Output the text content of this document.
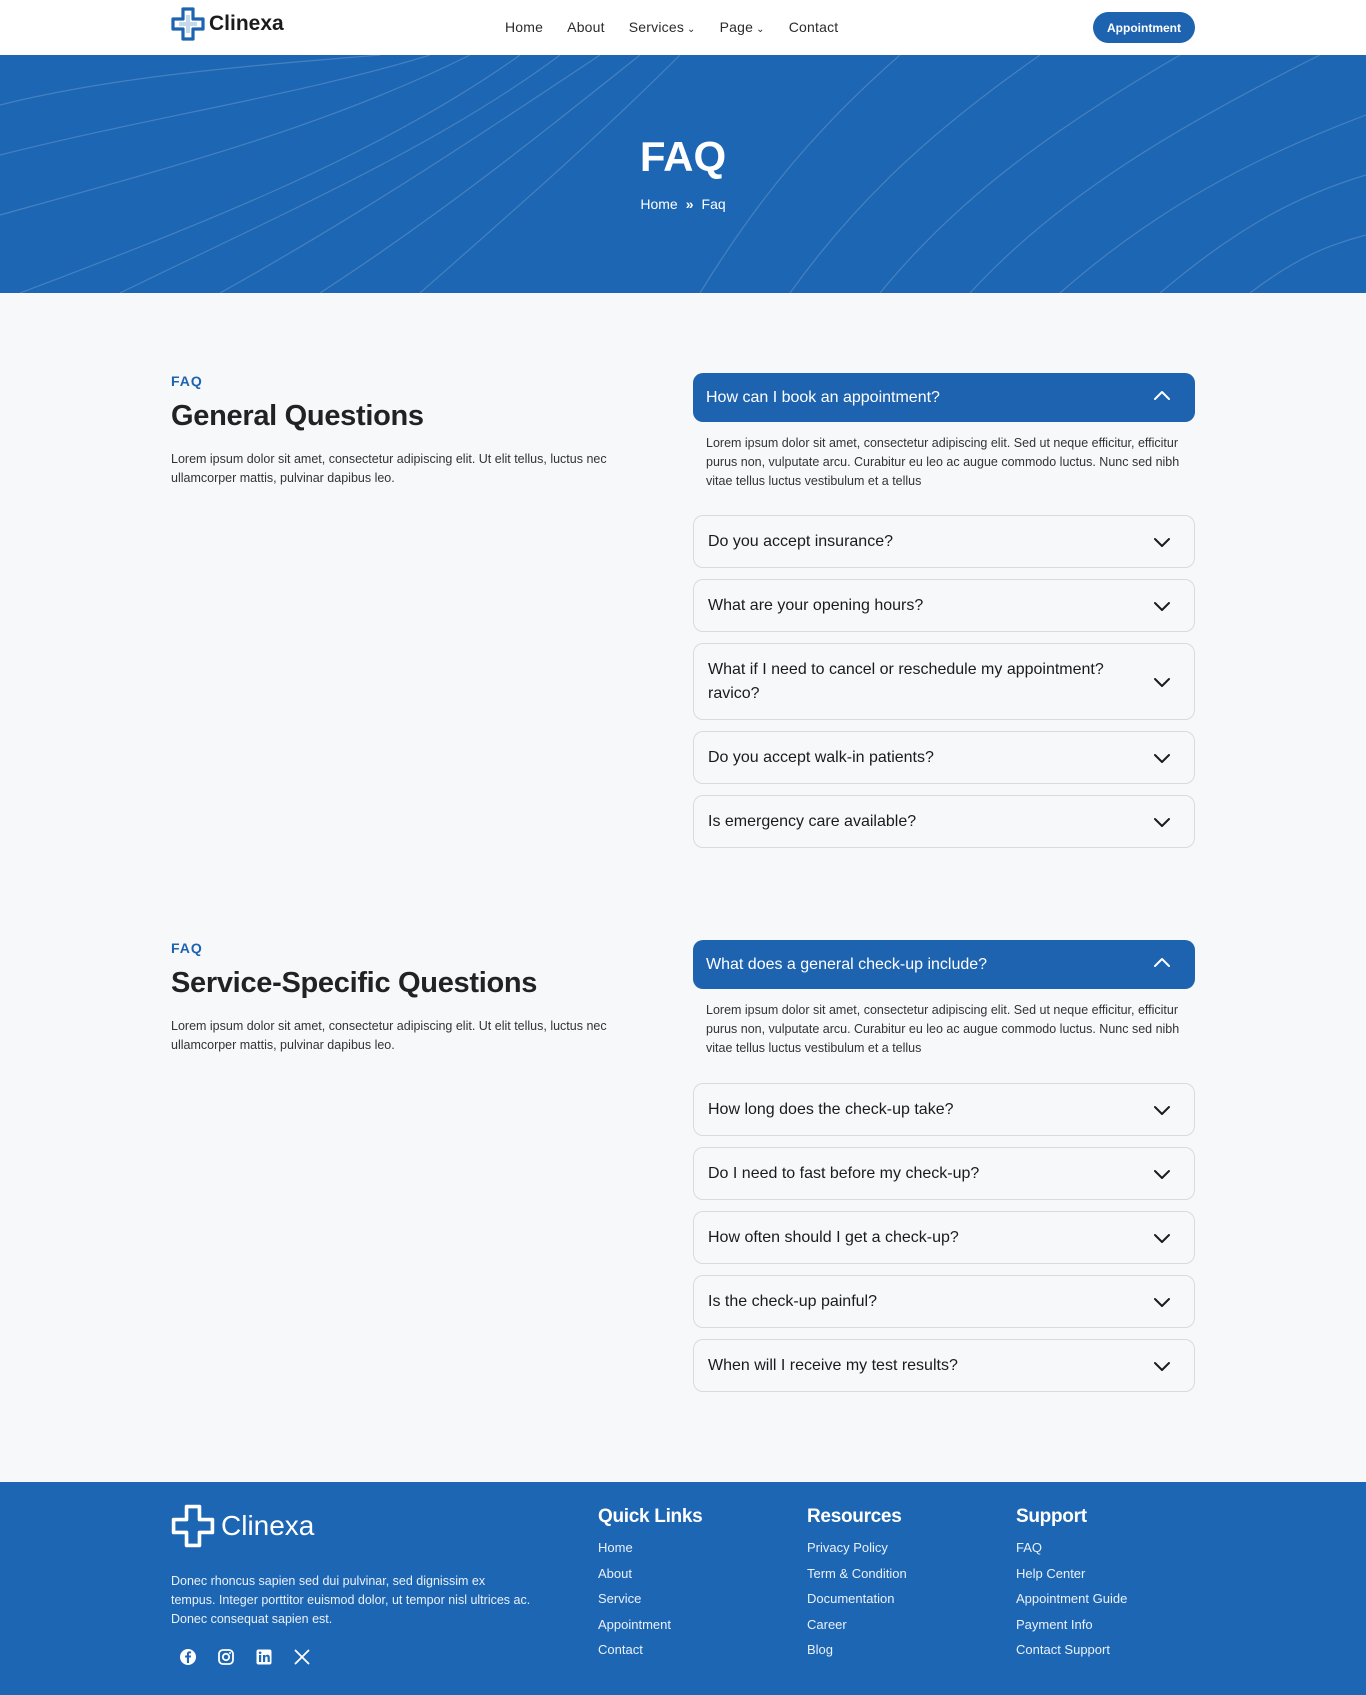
Clinexa	Home About Services ⌄ Page ⌄ Contact	Appointment
FAQ
Home » Faq
FAQ
General Questions
Lorem ipsum dolor sit amet, consectetur adipiscing elit. Ut elit tellus, luctus nec ullamcorper mattis, pulvinar dapibus leo.
How can I book an appointment?
Lorem ipsum dolor sit amet, consectetur adipiscing elit. Sed ut neque efficitur, efficitur purus non, vulputate arcu. Curabitur eu leo ac augue commodo luctus. Nunc sed nibh vitae tellus luctus vestibulum et a tellus
Do you accept insurance?
What are your opening hours?
What if I need to cancel or reschedule my appointment? ravico?
Do you accept walk-in patients?
Is emergency care available?
FAQ
Service-Specific Questions
Lorem ipsum dolor sit amet, consectetur adipiscing elit. Ut elit tellus, luctus nec ullamcorper mattis, pulvinar dapibus leo.
What does a general check-up include?
Lorem ipsum dolor sit amet, consectetur adipiscing elit. Sed ut neque efficitur, efficitur purus non, vulputate arcu. Curabitur eu leo ac augue commodo luctus. Nunc sed nibh vitae tellus luctus vestibulum et a tellus
How long does the check-up take?
Do I need to fast before my check-up?
How often should I get a check-up?
Is the check-up painful?
When will I receive my test results?
Clinexa
Donec rhoncus sapien sed dui pulvinar, sed dignissim ex tempus. Integer porttitor euismod dolor, ut tempor nisl ultrices ac. Donec consequat sapien est.
Quick Links
Home
About
Service
Appointment
Contact
Resources
Privacy Policy
Term & Condition
Documentation
Career
Blog
Support
FAQ
Help Center
Appointment Guide
Payment Info
Contact Support
